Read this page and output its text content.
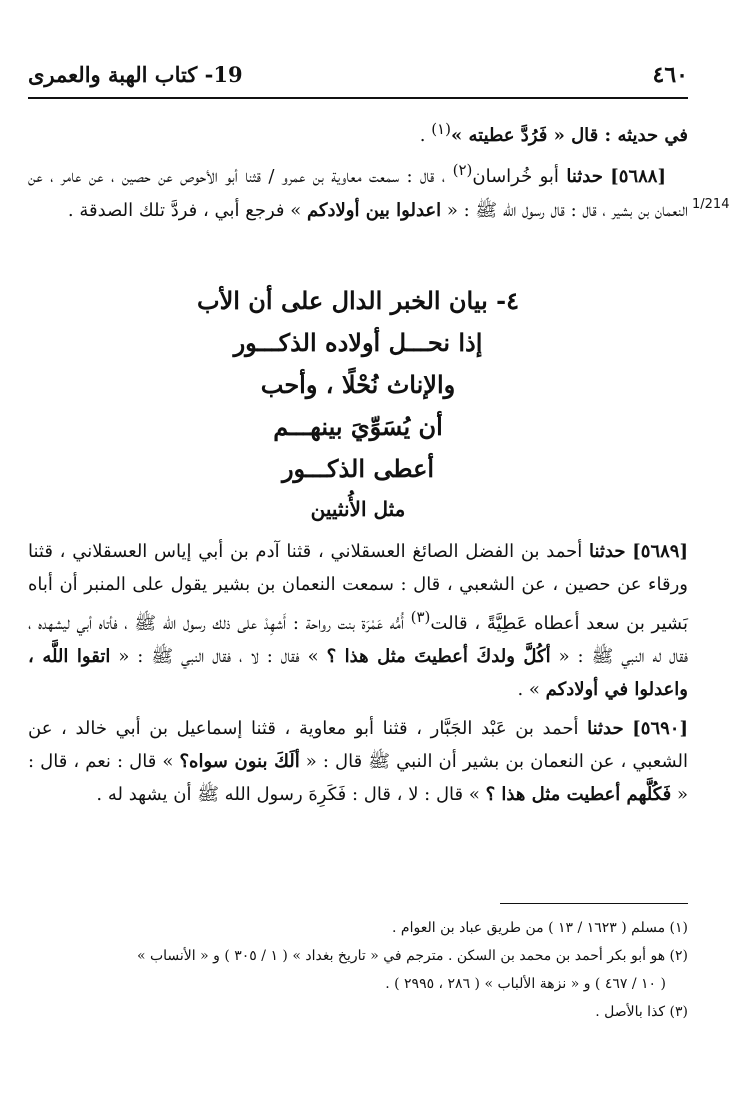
٤٦٠
19- كتاب الهبة والعمرى
1/214

في حديثه : قال « فَرُدَّ عطيته »$^{(١)}$ .

[٥٦٨٨] حدثنا أبو خُراسان$^{(٢)}$ ، قال : سمعت معاوية بن عمرو / قثنا أبو الأحوص عن حصين ، عن عامر ، عن النعمان بن بشير ، قال : قال رسول الله ﷺ : « اعدلوا بين أولادكم » فرجع أبي ، فردَّ تلك الصدقة .

٤- بيان الخبر الدال على أن الأب
إذا نحـــل أولاده الذكـــور
والإناث نُحْلًا ، وأحب
أن يُسَوِّيَ بينهـــم
أعطى الذكـــور
مثل الأُنثيين

[٥٦٨٩] حدثنا أحمد بن الفضل الصائغ العسقلاني ، قثنا آدم بن أبي إياس العسقلاني ، قثنا ورقاء عن حصين ، عن الشعبي ، قال : سمعت النعمان بن بشير يقول على المنبر أن أباه بَشير بن سعد أعطاه عَطِيَّةً ، قالت$^{(٣)}$ أُمُّه عَمْرَة بنت رواحة : أَشهِدْ على ذلك رسول الله ﷺ ، فأتاه أبي ليشهده ، فقال له النبي ﷺ : « أكُلَّ ولدكَ أعطيتَ مثل هذا ؟ » فقال : لا ، فقال النبي ﷺ : « اتقوا اللَّه ، واعدلوا في أولادكم » .

[٥٦٩٠] حدثنا أحمد بن عَبْد الجَبَّار ، قثنا أبو معاوية ، قثنا إسماعيل بن أبي خالد ، عن الشعبي ، عن النعمان بن بشير أن النبي ﷺ قال : « ألَكَ بنون سواه؟ » قال : نعم ، قال : « فَكُلَّهم أعطيت مثل هذا ؟ » قال : لا ، قال : فَكَرِهَ رسول الله ﷺ أن يشهد له .

(١) مسلم ( ١٦٢٣ / ١٣ ) من طريق عباد بن العوام .

(٢) هو أبو بكر أحمد بن محمد بن السكن . مترجم في « تاريخ بغداد » ( ١ / ٣٠٥ ) و « الأنساب »

( ١٠ / ٤٦٧ ) و « نزهة الألباب » ( ٢٨٦ ، ٢٩٩٥ ) .

(٣) كذا بالأصل .
